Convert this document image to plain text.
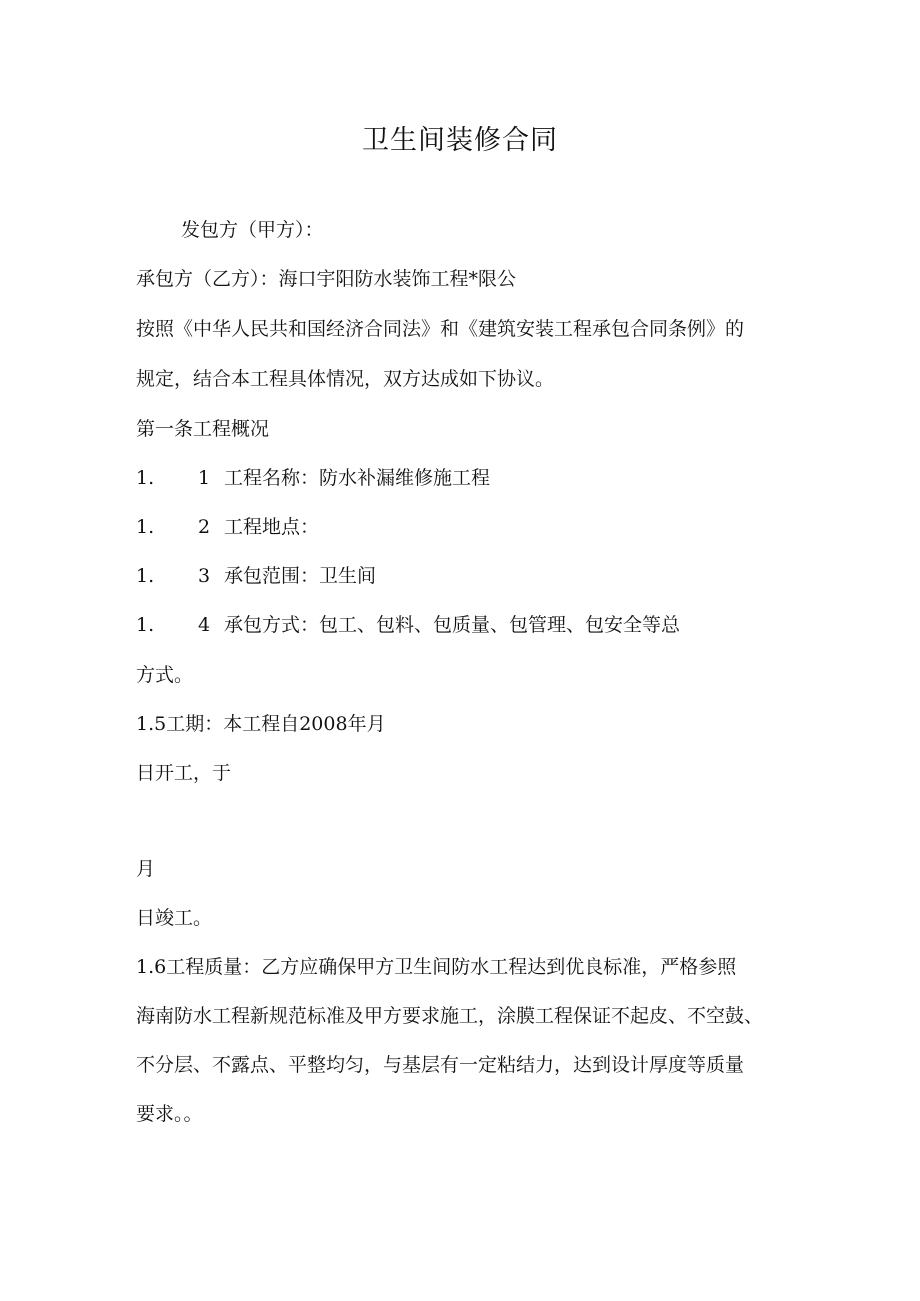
卫生间装修合同
发包方（甲方）：
承包方（乙方）：海口宇阳防水装饰工程*限公
按照《中华人民共和国经济合同法》和《建筑安装工程承包合同条例》的
规定，结合本工程具体情况，双方达成如下协议。
第一条工程概况
1. 1 工程名称：防水补漏维修施工程
1. 2 工程地点：
1. 3 承包范围：卫生间
1. 4 承包方式：包工、包料、包质量、包管理、包安全等总
方式。
1.5工期：本工程自2008年月
日开工，于
月
日竣工。
1.6工程质量：乙方应确保甲方卫生间防水工程达到优良标准，严格参照
海南防水工程新规范标准及甲方要求施工，涂膜工程保证不起皮、不空鼓、
不分层、不露点、平整均匀，与基层有一定粘结力，达到设计厚度等质量
要求。。
